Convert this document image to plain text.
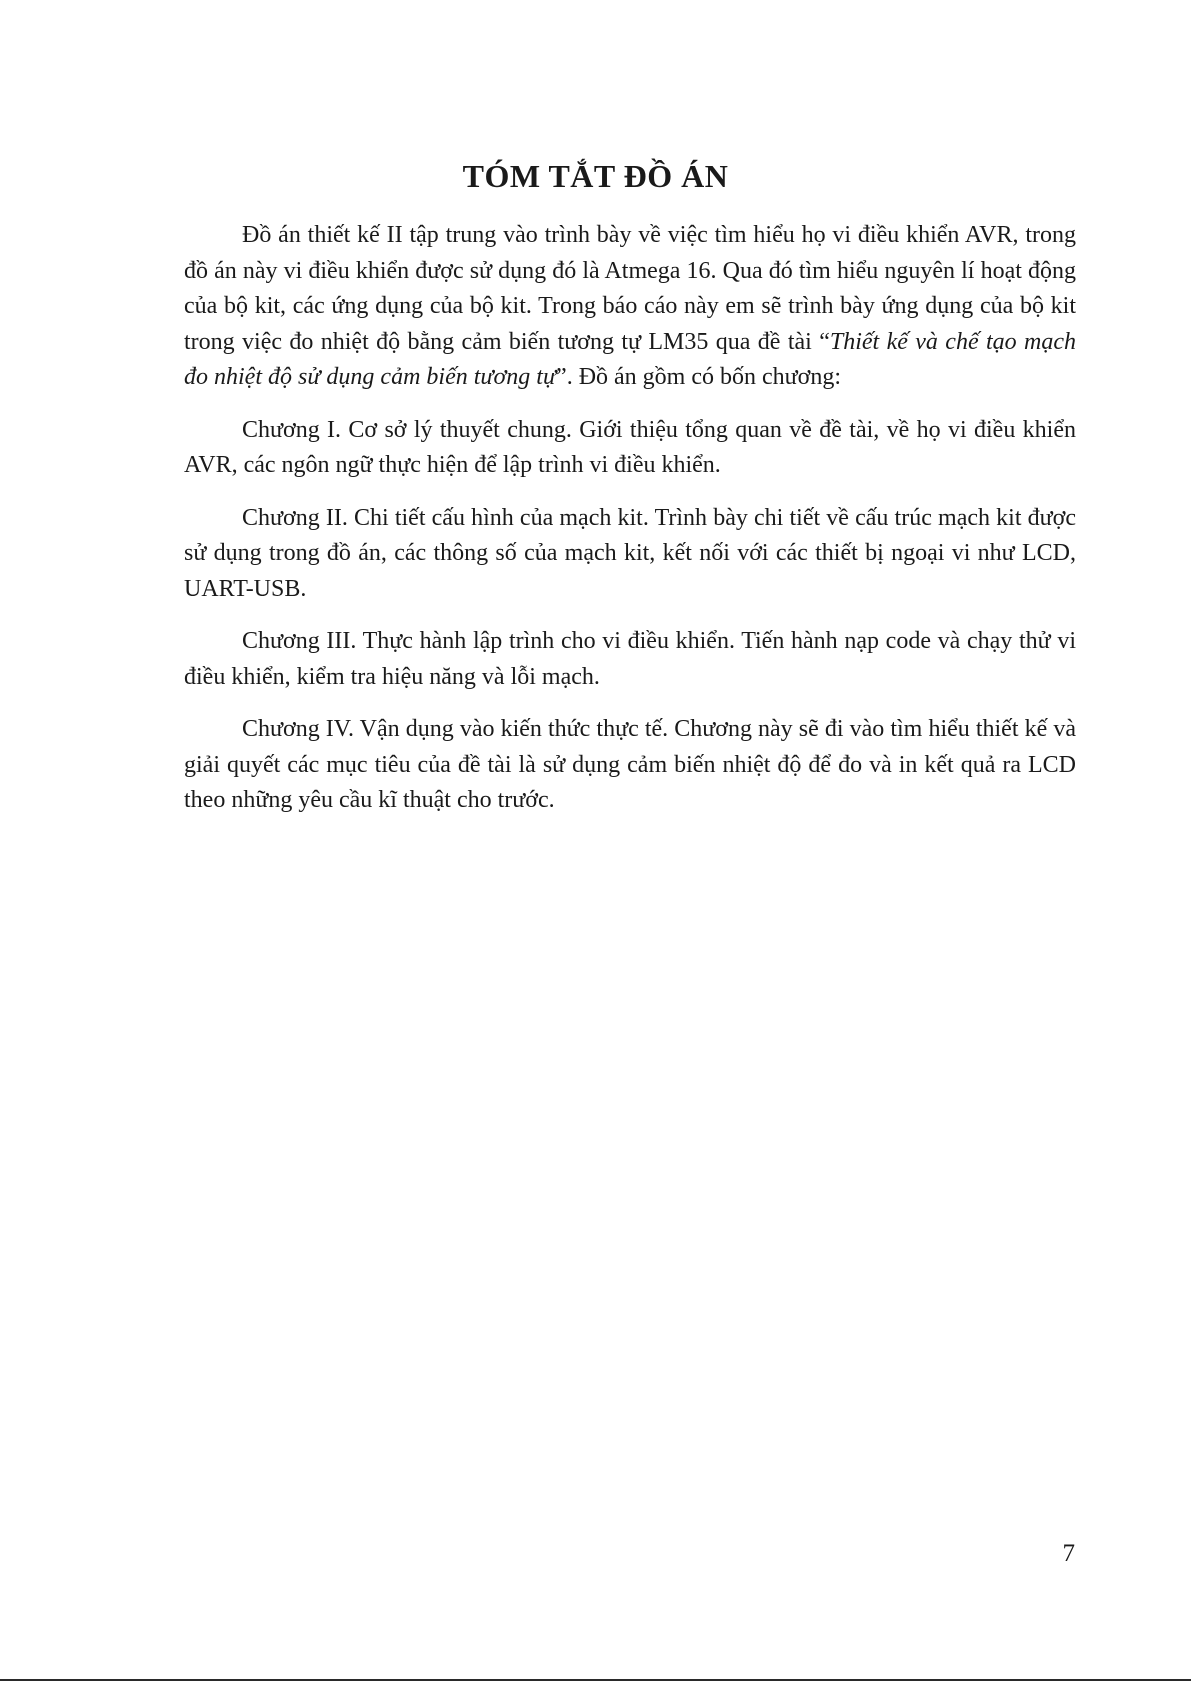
TÓM TẮT ĐỒ ÁN

Đồ án thiết kế II tập trung vào trình bày về việc tìm hiểu họ vi điều khiển AVR, trong đồ án này vi điều khiển được sử dụng đó là Atmega 16. Qua đó tìm hiểu nguyên lí hoạt động của bộ kit, các ứng dụng của bộ kit. Trong báo cáo này em sẽ trình bày ứng dụng của bộ kit trong việc đo nhiệt độ bằng cảm biến tương tự LM35 qua đề tài “Thiết kế và chế tạo mạch đo nhiệt độ sử dụng cảm biến tương tự”. Đồ án gồm có bốn chương:

Chương I. Cơ sở lý thuyết chung. Giới thiệu tổng quan về đề tài, về họ vi điều khiển AVR, các ngôn ngữ thực hiện để lập trình vi điều khiển.

Chương II. Chi tiết cấu hình của mạch kit. Trình bày chi tiết về cấu trúc mạch kit được sử dụng trong đồ án, các thông số của mạch kit, kết nối với các thiết bị ngoại vi như LCD, UART-USB.

Chương III. Thực hành lập trình cho vi điều khiển. Tiến hành nạp code và chạy thử vi điều khiển, kiểm tra hiệu năng và lỗi mạch.

Chương IV. Vận dụng vào kiến thức thực tế. Chương này sẽ đi vào tìm hiểu thiết kế và giải quyết các mục tiêu của đề tài là sử dụng cảm biến nhiệt độ để đo và in kết quả ra LCD theo những yêu cầu kĩ thuật cho trước.

7
